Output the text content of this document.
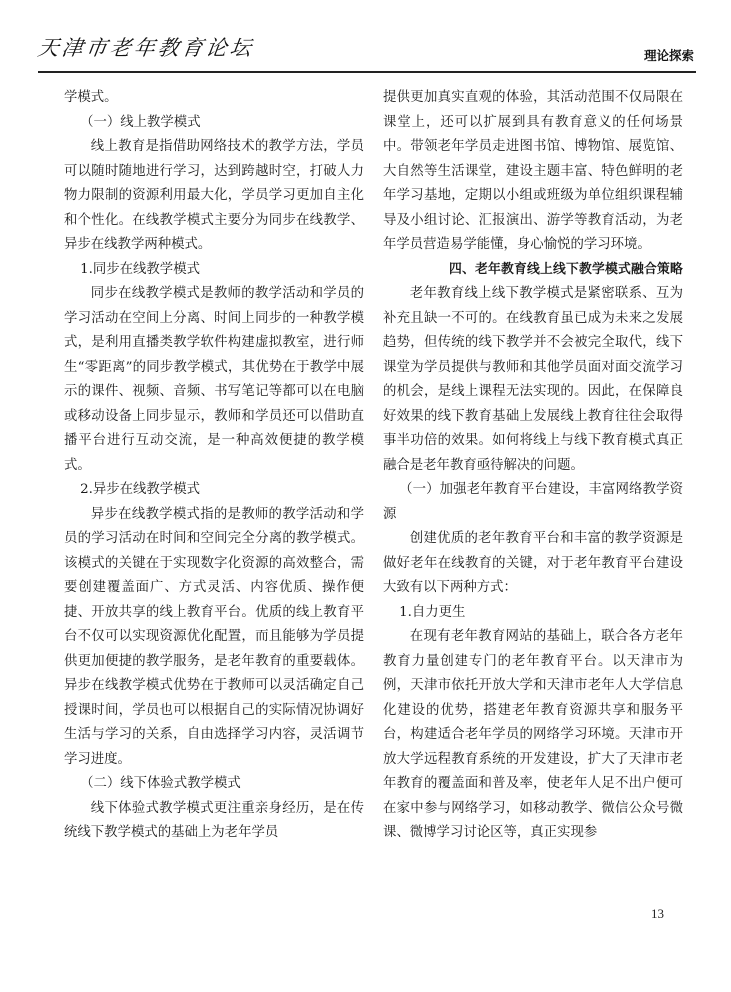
天津市老年教育论坛	理论探索

学模式。

（一）线上教学模式

线上教育是指借助网络技术的教学方法，学员可以随时随地进行学习，达到跨越时空，打破人力物力限制的资源利用最大化，学员学习更加自主化和个性化。在线教学模式主要分为同步在线教学、异步在线教学两种模式。

1.同步在线教学模式

同步在线教学模式是教师的教学活动和学员的学习活动在空间上分离、时间上同步的一种教学模式，是利用直播类教学软件构建虚拟教室，进行师生“零距离”的同步教学模式，其优势在于教学中展示的课件、视频、音频、书写笔记等都可以在电脑或移动设备上同步显示，教师和学员还可以借助直播平台进行互动交流，是一种高效便捷的教学模式。

2.异步在线教学模式

异步在线教学模式指的是教师的教学活动和学员的学习活动在时间和空间完全分离的教学模式。该模式的关键在于实现数字化资源的高效整合，需要创建覆盖面广、方式灵活、内容优质、操作便捷、开放共享的线上教育平台。优质的线上教育平台不仅可以实现资源优化配置，而且能够为学员提供更加便捷的教学服务，是老年教育的重要载体。异步在线教学模式优势在于教师可以灵活确定自己授课时间，学员也可以根据自己的实际情况协调好生活与学习的关系，自由选择学习内容，灵活调节学习进度。

（二）线下体验式教学模式

线下体验式教学模式更注重亲身经历，是在传统线下教学模式的基础上为老年学员

提供更加真实直观的体验，其活动范围不仅局限在课堂上，还可以扩展到具有教育意义的任何场景中。带领老年学员走进图书馆、博物馆、展览馆、大自然等生活课堂，建设主题丰富、特色鲜明的老年学习基地，定期以小组或班级为单位组织课程辅导及小组讨论、汇报演出、游学等教育活动，为老年学员营造易学能懂，身心愉悦的学习环境。

四、老年教育线上线下教学模式融合策略

老年教育线上线下教学模式是紧密联系、互为补充且缺一不可的。在线教育虽已成为未来之发展趋势，但传统的线下教学并不会被完全取代，线下课堂为学员提供与教师和其他学员面对面交流学习的机会，是线上课程无法实现的。因此，在保障良好效果的线下教育基础上发展线上教育往往会取得事半功倍的效果。如何将线上与线下教育模式真正融合是老年教育亟待解决的问题。

（一）加强老年教育平台建设，丰富网络教学资源

创建优质的老年教育平台和丰富的教学资源是做好老年在线教育的关键，对于老年教育平台建设大致有以下两种方式：

1.自力更生

在现有老年教育网站的基础上，联合各方老年教育力量创建专门的老年教育平台。以天津市为例，天津市依托开放大学和天津市老年人大学信息化建设的优势，搭建老年教育资源共享和服务平台，构建适合老年学员的网络学习环境。天津市开放大学远程教育系统的开发建设，扩大了天津市老年教育的覆盖面和普及率，使老年人足不出户便可在家中参与网络学习，如移动教学、微信公众号微课、微博学习讨论区等，真正实现参

13
